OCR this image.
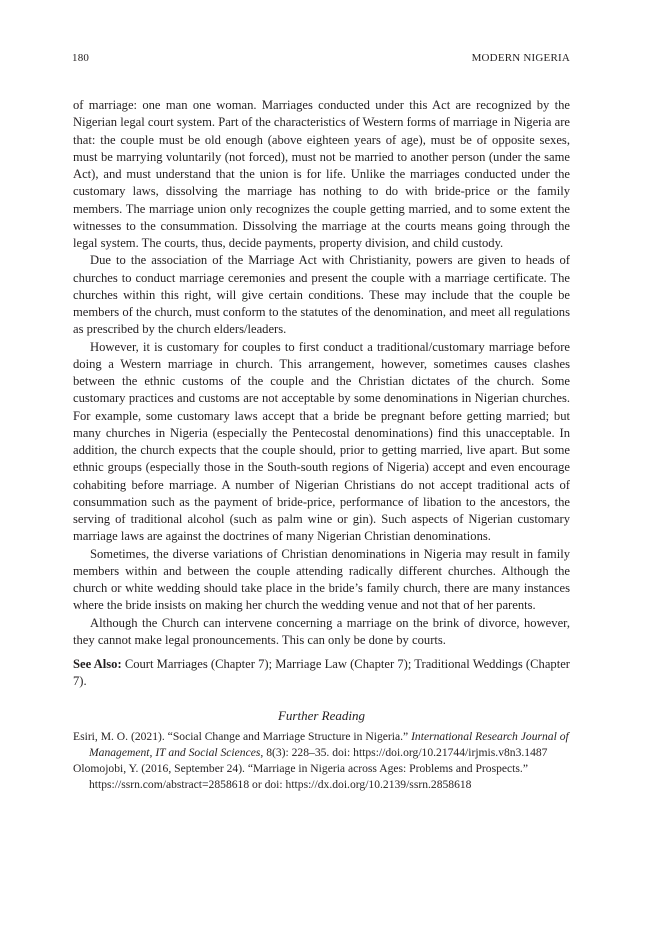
180	MODERN NIGERIA

of marriage: one man one woman. Marriages conducted under this Act are recognized by the Nigerian legal court system. Part of the characteristics of Western forms of marriage in Nigeria are that: the couple must be old enough (above eighteen years of age), must be of opposite sexes, must be marrying voluntarily (not forced), must not be married to another person (under the same Act), and must understand that the union is for life. Unlike the marriages conducted under the customary laws, dissolving the marriage has nothing to do with bride-price or the family members. The marriage union only recognizes the couple getting married, and to some extent the witnesses to the consummation. Dissolving the marriage at the courts means going through the legal system. The courts, thus, decide payments, property division, and child custody.

Due to the association of the Marriage Act with Christianity, powers are given to heads of churches to conduct marriage ceremonies and present the couple with a marriage certificate. The churches within this right, will give certain conditions. These may include that the couple be members of the church, must conform to the statutes of the denomination, and meet all regulations as prescribed by the church elders/leaders.

However, it is customary for couples to first conduct a traditional/customary marriage before doing a Western marriage in church. This arrangement, however, sometimes causes clashes between the ethnic customs of the couple and the Christian dictates of the church. Some customary practices and customs are not acceptable by some denominations in Nigerian churches. For example, some customary laws accept that a bride be pregnant before getting married; but many churches in Nigeria (especially the Pentecostal denominations) find this unacceptable. In addition, the church expects that the couple should, prior to getting married, live apart. But some ethnic groups (especially those in the South-south regions of Nigeria) accept and even encourage cohabiting before marriage. A number of Nigerian Christians do not accept traditional acts of consummation such as the payment of bride-price, performance of libation to the ancestors, the serving of traditional alcohol (such as palm wine or gin). Such aspects of Nigerian customary marriage laws are against the doctrines of many Nigerian Christian denominations.

Sometimes, the diverse variations of Christian denominations in Nigeria may result in family members within and between the couple attending radically different churches. Although the church or white wedding should take place in the bride’s family church, there are many instances where the bride insists on making her church the wedding venue and not that of her parents.

Although the Church can intervene concerning a marriage on the brink of divorce, however, they cannot make legal pronouncements. This can only be done by courts.

See Also: Court Marriages (Chapter 7); Marriage Law (Chapter 7); Traditional Weddings (Chapter 7).

Further Reading
Esiri, M. O. (2021). “Social Change and Marriage Structure in Nigeria.” International Research Journal of Management, IT and Social Sciences, 8(3): 228–35. doi: https://doi.org/10.21744/irjmis.v8n3.1487
Olomojobi, Y. (2016, September 24). “Marriage in Nigeria across Ages: Problems and Prospects.” https://ssrn.com/abstract=2858618 or doi: https://dx.doi.org/10.2139/ssrn.2858618
